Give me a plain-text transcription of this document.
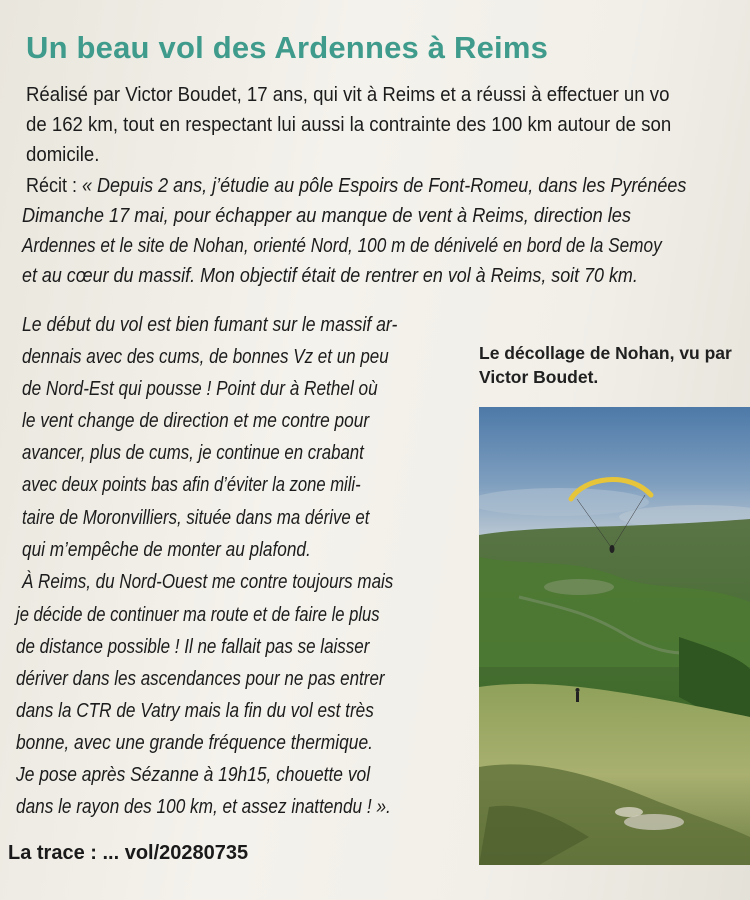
Un beau vol des Ardennes à Reims
Réalisé par Victor Boudet, 17 ans, qui vit à Reims et a réussi à effectuer un vo
de 162 km, tout en respectant lui aussi la contrainte des 100 km autour de son
domicile.
Récit : « Depuis 2 ans, j’étudie au pôle Espoirs de Font-Romeu, dans les Pyrénées
Dimanche 17 mai, pour échapper au manque de vent à Reims, direction les
Ardennes et le site de Nohan, orienté Nord, 100 m de dénivelé en bord de la Semoy
et au cœur du massif. Mon objectif était de rentrer en vol à Reims, soit 70 km.
Le début du vol est bien fumant sur le massif ar-
dennais avec des cums, de bonnes Vz et un peu
de Nord-Est qui pousse ! Point dur à Rethel où
le vent change de direction et me contre pour
avancer, plus de cums, je continue en crabant
avec deux points bas afin d’éviter la zone mili-
taire de Moronvilliers, située dans ma dérive et
qui m’empêche de monter au plafond.
À Reims, du Nord-Ouest me contre toujours mais
je décide de continuer ma route et de faire le plus
de distance possible ! Il ne fallait pas se laisser
dériver dans les ascendances pour ne pas entrer
dans la CTR de Vatry mais la fin du vol est très
bonne, avec une grande fréquence thermique.
Je pose après Sézanne à 19h15, chouette vol
dans le rayon des 100 km, et assez inattendu ! ».
Le décollage de Nohan, vu par
Victor Boudet.
La trace : ... vol/20280735
